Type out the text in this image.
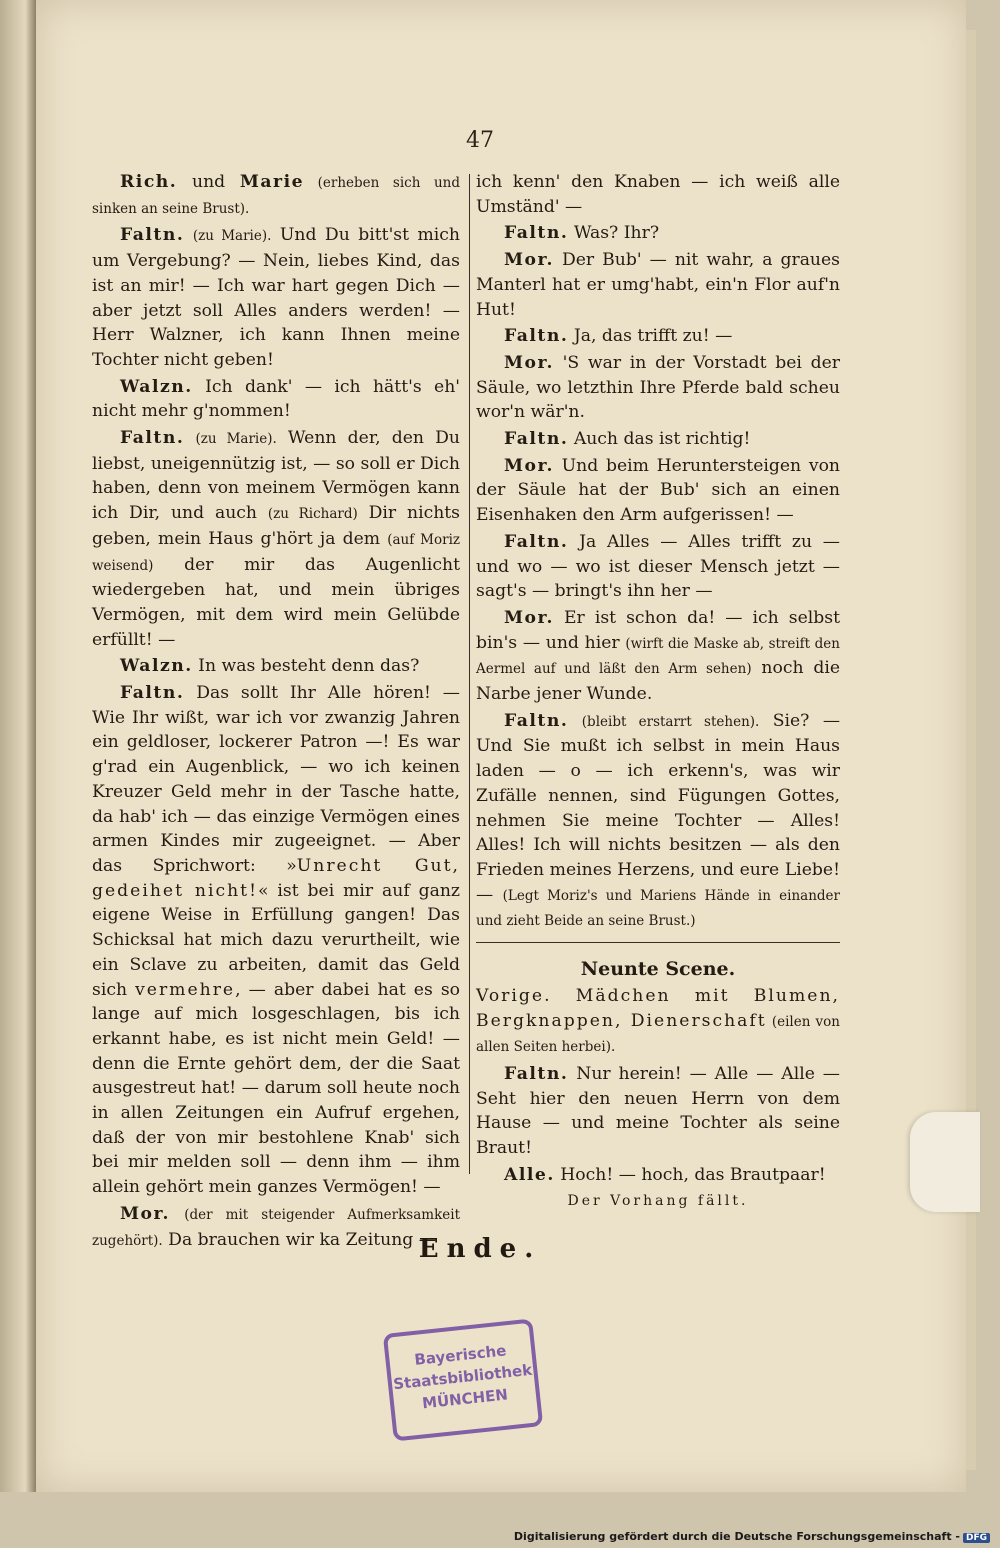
47

Rich. und Marie (erheben sich und sinken an seine Brust).

Faltn. (zu Marie). Und Du bitt'st mich um Vergebung? — Nein, liebes Kind, das ist an mir! — Ich war hart gegen Dich — aber jetzt soll Alles anders werden! — Herr Walzner, ich kann Ihnen meine Tochter nicht geben!

Walzn. Ich dank' — ich hätt's eh' nicht mehr g'nommen!

Faltn. (zu Marie). Wenn der, den Du liebst, uneigennützig ist, — so soll er Dich haben, denn von meinem Vermögen kann ich Dir, und auch (zu Richard) Dir nichts geben, mein Haus g'hört ja dem (auf Moriz weisend) der mir das Augenlicht wiedergeben hat, und mein übriges Vermögen, mit dem wird mein Gelübde erfüllt! —

Walzn. In was besteht denn das?

Faltn. Das sollt Ihr Alle hören! — Wie Ihr wißt, war ich vor zwanzig Jahren ein geldloser, lockerer Patron —! Es war g'rad ein Augenblick, — wo ich keinen Kreuzer Geld mehr in der Tasche hatte, da hab' ich — das einzige Vermögen eines armen Kindes mir zugeeignet. — Aber das Sprichwort: »Unrecht Gut, gedeihet nicht!« ist bei mir auf ganz eigene Weise in Erfüllung gangen! Das Schicksal hat mich dazu verurtheilt, wie ein Sclave zu arbeiten, damit das Geld sich vermehre, — aber dabei hat es so lange auf mich losgeschlagen, bis ich erkannt habe, es ist nicht mein Geld! — denn die Ernte gehört dem, der die Saat ausgestreut hat! — darum soll heute noch in allen Zeitungen ein Aufruf ergehen, daß der von mir bestohlene Knab' sich bei mir melden soll — denn ihm — ihm allein gehört mein ganzes Vermögen! —

Mor. (der mit steigender Aufmerksamkeit zugehört). Da brauchen wir ka Zeitung —

ich kenn' den Knaben — ich weiß alle Umständ' —

Faltn. Was? Ihr?

Mor. Der Bub' — nit wahr, a graues Manterl hat er umg'habt, ein'n Flor auf'n Hut!

Faltn. Ja, das trifft zu! —

Mor. 'S war in der Vorstadt bei der Säule, wo letzthin Ihre Pferde bald scheu wor'n wär'n.

Faltn. Auch das ist richtig!

Mor. Und beim Heruntersteigen von der Säule hat der Bub' sich an einen Eisenhaken den Arm aufgerissen! —

Faltn. Ja Alles — Alles trifft zu — und wo — wo ist dieser Mensch jetzt — sagt's — bringt's ihn her —

Mor. Er ist schon da! — ich selbst bin's — und hier (wirft die Maske ab, streift den Aermel auf und läßt den Arm sehen) noch die Narbe jener Wunde.

Faltn. (bleibt erstarrt stehen). Sie? — Und Sie mußt ich selbst in mein Haus laden — o — ich erkenn's, was wir Zufälle nennen, sind Fügungen Gottes, nehmen Sie meine Tochter — Alles! Alles! Ich will nichts besitzen — als den Frieden meines Herzens, und eure Liebe! — (Legt Moriz's und Mariens Hände in einander und zieht Beide an seine Brust.)

Neunte Scene.

Vorige. Mädchen mit Blumen, Bergknappen, Dienerschaft (eilen von allen Seiten herbei).

Faltn. Nur herein! — Alle — Alle — Seht hier den neuen Herrn von dem Hause — und meine Tochter als seine Braut!

Alle. Hoch! — hoch, das Brautpaar!

Der Vorhang fällt.

Ende.
Bayerische
Staatsbibliothek
MÜNCHEN
Digitalisierung gefördert durch die Deutsche Forschungsgemeinschaft - DFG
